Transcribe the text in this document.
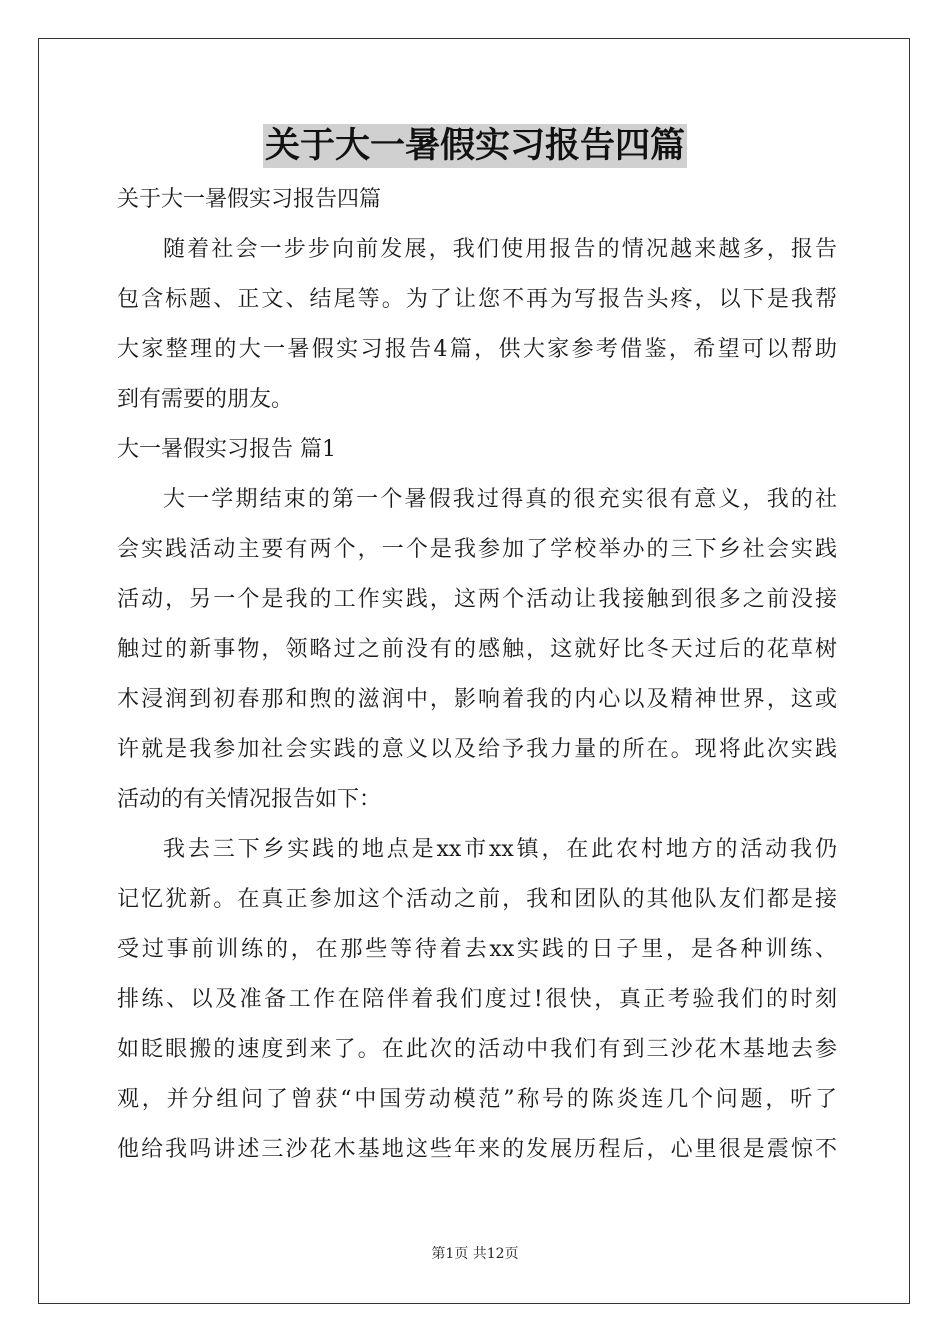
关于大一暑假实习报告四篇
关于大一暑假实习报告四篇
随着社会一步步向前发展，我们使用报告的情况越来越多，报告
包含标题、正文、结尾等。为了让您不再为写报告头疼，以下是我帮
大家整理的大一暑假实习报告4篇，供大家参考借鉴，希望可以帮助
到有需要的朋友。
大一暑假实习报告 篇1
大一学期结束的第一个暑假我过得真的很充实很有意义，我的社
会实践活动主要有两个，一个是我参加了学校举办的三下乡社会实践
活动，另一个是我的工作实践，这两个活动让我接触到很多之前没接
触过的新事物，领略过之前没有的感触，这就好比冬天过后的花草树
木浸润到初春那和煦的滋润中，影响着我的内心以及精神世界，这或
许就是我参加社会实践的意义以及给予我力量的所在。现将此次实践
活动的有关情况报告如下：
我去三下乡实践的地点是xx市xx镇，在此农村地方的活动我仍
记忆犹新。在真正参加这个活动之前，我和团队的其他队友们都是接
受过事前训练的，在那些等待着去xx实践的日子里，是各种训练、
排练、以及准备工作在陪伴着我们度过!很快，真正考验我们的时刻
如眨眼搬的速度到来了。在此次的活动中我们有到三沙花木基地去参
观，并分组问了曾获“中国劳动模范”称号的陈炎连几个问题，听了
他给我吗讲述三沙花木基地这些年来的发展历程后，心里很是震惊不
第1页 共12页
